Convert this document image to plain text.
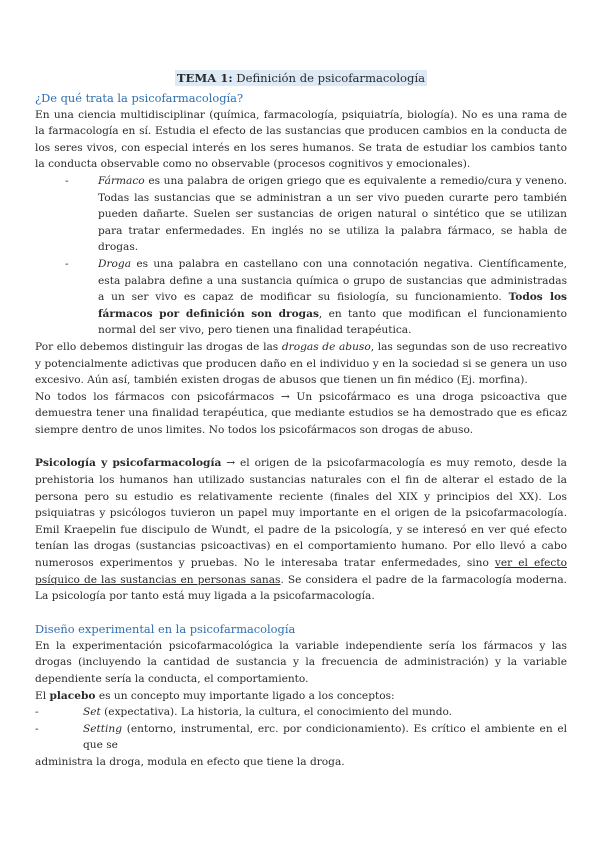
TEMA 1: Definición de psicofarmacología
¿De qué trata la psicofarmacología?

En una ciencia multidisciplinar (química, farmacología, psiquiatría, biología). No es una rama de la farmacología en sí. Estudia el efecto de las sustancias que producen cambios en la conducta de los seres vivos, con especial interés en los seres humanos. Se trata de estudiar los cambios tanto la conducta observable como no observable (procesos cognitivos y emocionales).

-	Fármaco es una palabra de origen griego que es equivalente a remedio/cura y veneno. Todas las sustancias que se administran a un ser vivo pueden curarte pero también pueden dañarte. Suelen ser sustancias de origen natural o sintético que se utilizan para tratar enfermedades. En inglés no se utiliza la palabra fármaco, se habla de drogas.
-	Droga es una palabra en castellano con una connotación negativa. Científicamente, esta palabra define a una sustancia química o grupo de sustancias que administradas a un ser vivo es capaz de modificar su fisiología, su funcionamiento. Todos los fármacos por definición son drogas, en tanto que modifican el funcionamiento normal del ser vivo, pero tienen una finalidad terapéutica.

Por ello debemos distinguir las drogas de las drogas de abuso, las segundas son de uso recreativo y potencialmente adictivas que producen daño en el individuo y en la sociedad si se genera un uso excesivo. Aún así, también existen drogas de abusos que tienen un fin médico (Ej. morfina).

No todos los fármacos con psicofármacos → Un psicofármaco es una droga psicoactiva que demuestra tener una finalidad terapéutica, que mediante estudios se ha demostrado que es eficaz siempre dentro de unos limites. No todos los psicofármacos son drogas de abuso.

Psicología y psicofarmacología → el origen de la psicofarmacología es muy remoto, desde la prehistoria los humanos han utilizado sustancias naturales con el fin de alterar el estado de la persona pero su estudio es relativamente reciente (finales del XIX y principios del XX). Los psiquiatras y psicólogos tuvieron un papel muy importante en el origen de la psicofarmacología. Emil Kraepelin fue discipulo de Wundt, el padre de la psicología, y se interesó en ver qué efecto tenían las drogas (sustancias psicoactivas) en el comportamiento humano. Por ello llevó a cabo numerosos experimentos y pruebas. No le interesaba tratar enfermedades, sino ver el efecto psíquico de las sustancias en personas sanas. Se considera el padre de la farmacología moderna. La psicología por tanto está muy ligada a la psicofarmacología.

Diseño experimental en la psicofarmacología

En la experimentación psicofarmacológica la variable independiente sería los fármacos y las drogas (incluyendo la cantidad de sustancia y la frecuencia de administración) y la variable dependiente sería la conducta, el comportamiento.

El placebo es un concepto muy importante ligado a los conceptos:

-	Set (expectativa). La historia, la cultura, el conocimiento del mundo.
-	Setting (entorno, instrumental, erc. por condicionamiento). Es crítico el ambiente en el que se

administra la droga, modula en efecto que tiene la droga.
